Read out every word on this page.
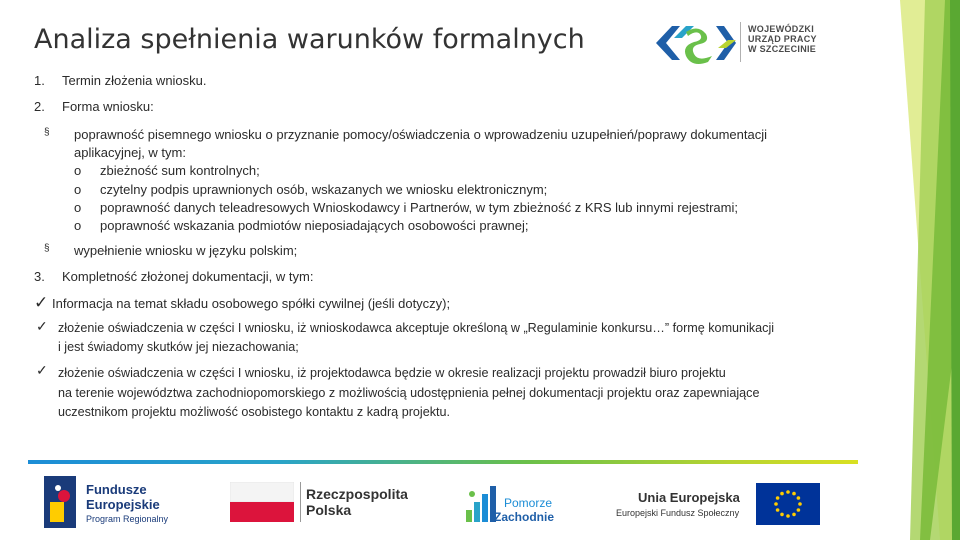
Analiza spełnienia warunków formalnych	WOJEWÓDZKI
URZĄD PRACY
W SZCZECINIE
1. Termin złożenia wniosku.
2. Forma wniosku:
§ poprawność pisemnego wniosku o przyznanie pomocy/oświadczenia o wprowadzeniu uzupełnień/poprawy dokumentacji
aplikacyjnej, w tym:
o zbieżność sum kontrolnych;
o czytelny podpis uprawnionych osób, wskazanych we wniosku elektronicznym;
o poprawność danych teleadresowych Wnioskodawcy i Partnerów, w tym zbieżność z KRS lub innymi rejestrami;
o poprawność wskazania podmiotów nieposiadających osobowości prawnej;
§ wypełnienie wniosku w języku polskim;
3. Kompletność złożonej dokumentacji, w tym:
✓ Informacja na temat składu osobowego spółki cywilnej (jeśli dotyczy);
✓ złożenie oświadczenia w części I wniosku, iż wnioskodawca akceptuje określoną w „Regulaminie konkursu…” formę komunikacji
i jest świadomy skutków jej niezachowania;
✓ złożenie oświadczenia w części I wniosku, iż projektodawca będzie w okresie realizacji projektu prowadził biuro projektu
na terenie województwa zachodniopomorskiego z możliwością udostępnienia pełnej dokumentacji projektu oraz zapewniające
uczestnikom projektu możliwość osobistego kontaktu z kadrą projektu.
Fundusze
Europejskie
Program Regionalny
Rzeczpospolita
Polska	Pomorze
Zachodnie
Unia Europejska
Europejski Fundusz Społeczny
